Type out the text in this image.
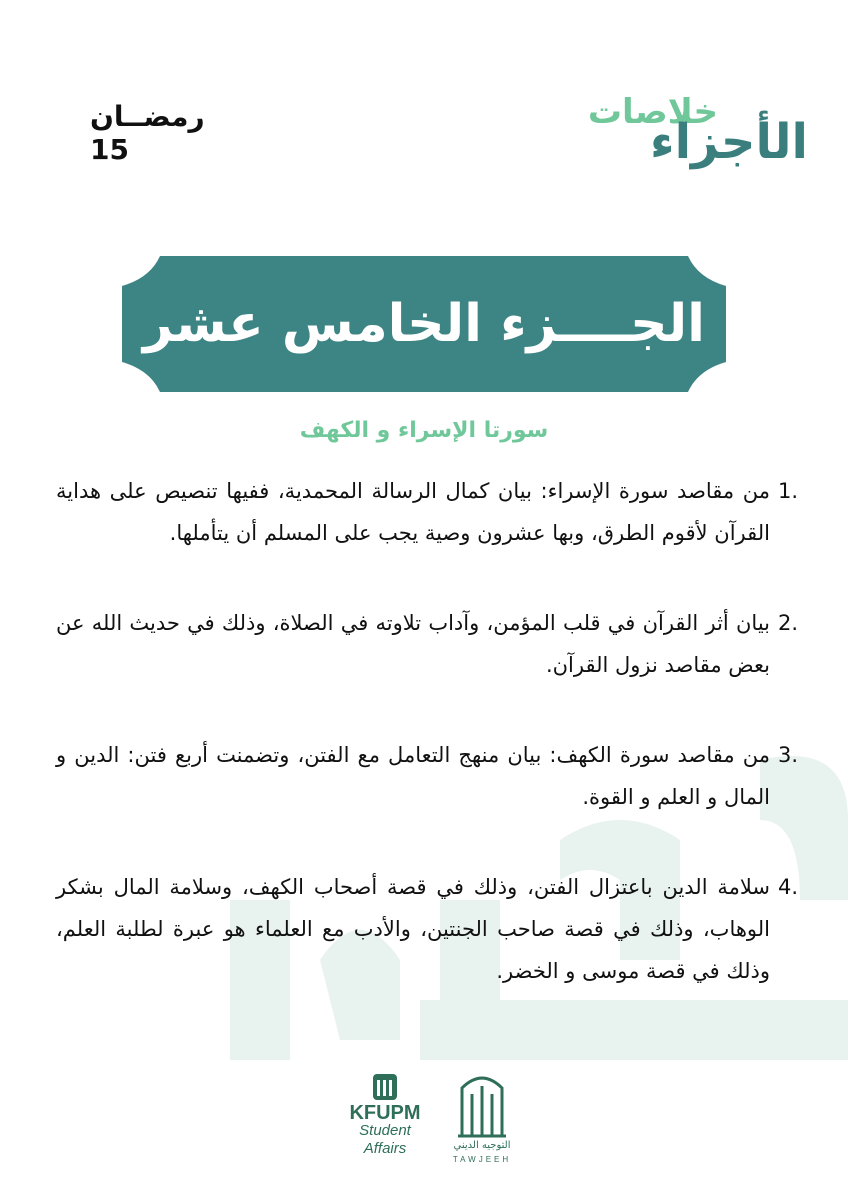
رمضــان 15
خلاصات
الأجزاء
الجــــزء الخامس عشر
سورتا الإسراء و الكهف
1.
من مقاصد سورة الإسراء: بيان كمال الرسالة المحمدية، ففيها تنصيص على هداية القرآن لأقوم الطرق، وبها عشرون وصية يجب على المسلم أن يتأملها.
2.
بيان أثر القرآن في قلب المؤمن، وآداب تلاوته في الصلاة، وذلك في حديث الله عن بعض مقاصد نزول القرآن.
3.
من مقاصد سورة الكهف: بيان منهج التعامل مع الفتن، وتضمنت أربع فتن: الدين و المال و العلم و القوة.
4.
سلامة الدين باعتزال الفتن، وذلك في قصة أصحاب الكهف، وسلامة المال بشكر الوهاب، وذلك في قصة صاحب الجنتين، والأدب مع العلماء هو عبرة لطلبة العلم، وذلك في قصة موسى و الخضر.
KFUPM
Student
Affairs	التوجيه الديني
TAWJEEH
